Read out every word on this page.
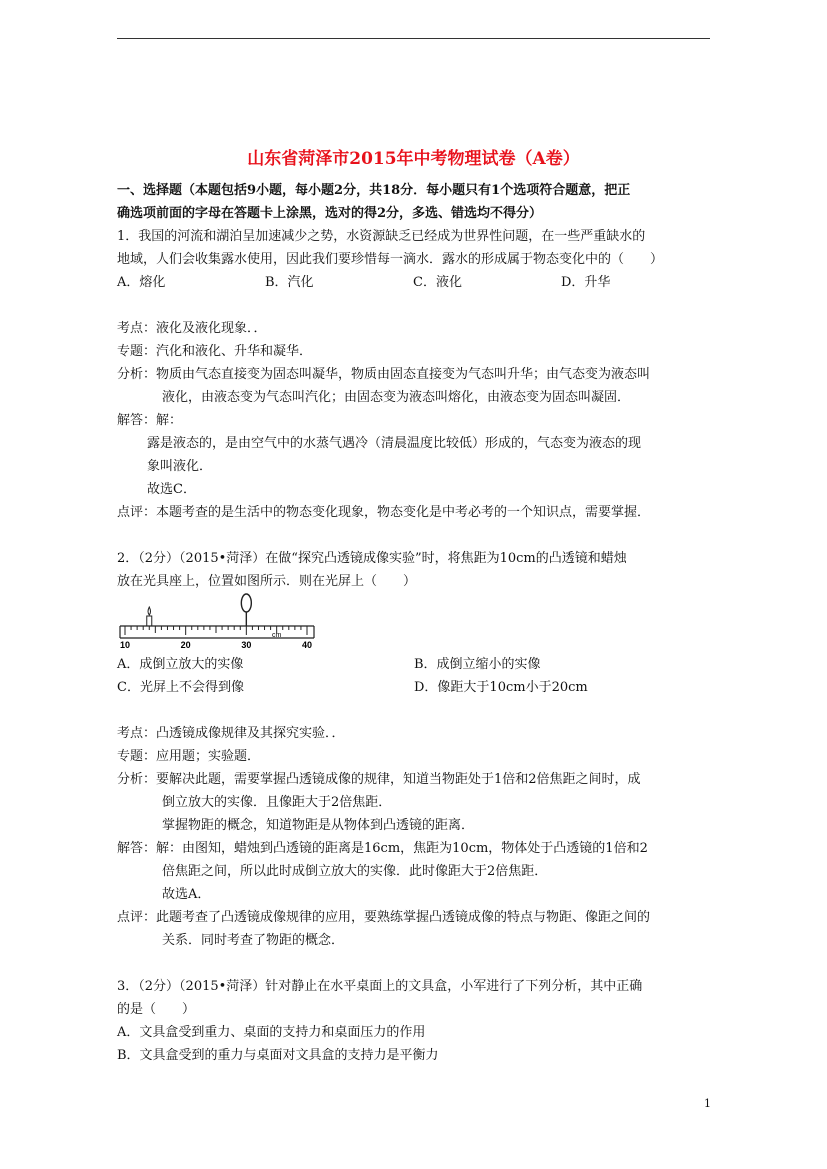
山东省菏泽市2015年中考物理试卷（A卷）
一、选择题（本题包括9小题，每小题2分，共18分．每小题只有1个选项符合题意，把正
确选项前面的字母在答题卡上涂黑，选对的得2分，多选、错选均不得分）
1．我国的河流和湖泊呈加速减少之势，水资源缺乏已经成为世界性问题，在一些严重缺水的
地域，人们会收集露水使用，因此我们要珍惜每一滴水．露水的形成属于物态变化中的（　　）
A．熔化	B．汽化	C．液化	D．升华
考点：液化及液化现象．．
专题：汽化和液化、升华和凝华．
分析：物质由气态直接变为固态叫凝华，物质由固态直接变为气态叫升华；由气态变为液态叫
液化，由液态变为气态叫汽化；由固态变为液态叫熔化，由液态变为固态叫凝固．
解答：解：
露是液态的，是由空气中的水蒸气遇冷（清晨温度比较低）形成的，气态变为液态的现
象叫液化．
故选C．
点评：本题考查的是生活中的物态变化现象，物态变化是中考必考的一个知识点，需要掌握．
2．（2分）（2015•菏泽）在做“探究凸透镜成像实验”时，将焦距为10cm的凸透镜和蜡烛
放在光具座上，位置如图所示．则在光屏上（　　）
10	20	30
cm
40
A．成倒立放大的实像	B．成倒立缩小的实像
C．光屏上不会得到像	D．像距大于10cm小于20cm
考点：凸透镜成像规律及其探究实验．．
专题：应用题；实验题．
分析：要解决此题，需要掌握凸透镜成像的规律，知道当物距处于1倍和2倍焦距之间时，成
倒立放大的实像．且像距大于2倍焦距．
掌握物距的概念，知道物距是从物体到凸透镜的距离．
解答：解：由图知，蜡烛到凸透镜的距离是16cm，焦距为10cm，物体处于凸透镜的1倍和2
倍焦距之间，所以此时成倒立放大的实像．此时像距大于2倍焦距．
故选A．
点评：此题考查了凸透镜成像规律的应用，要熟练掌握凸透镜成像的特点与物距、像距之间的
关系．同时考查了物距的概念．
3．（2分）（2015•菏泽）针对静止在水平桌面上的文具盒，小军进行了下列分析，其中正确
的是（　　）
A．文具盒受到重力、桌面的支持力和桌面压力的作用
B．文具盒受到的重力与桌面对文具盒的支持力是平衡力
1
